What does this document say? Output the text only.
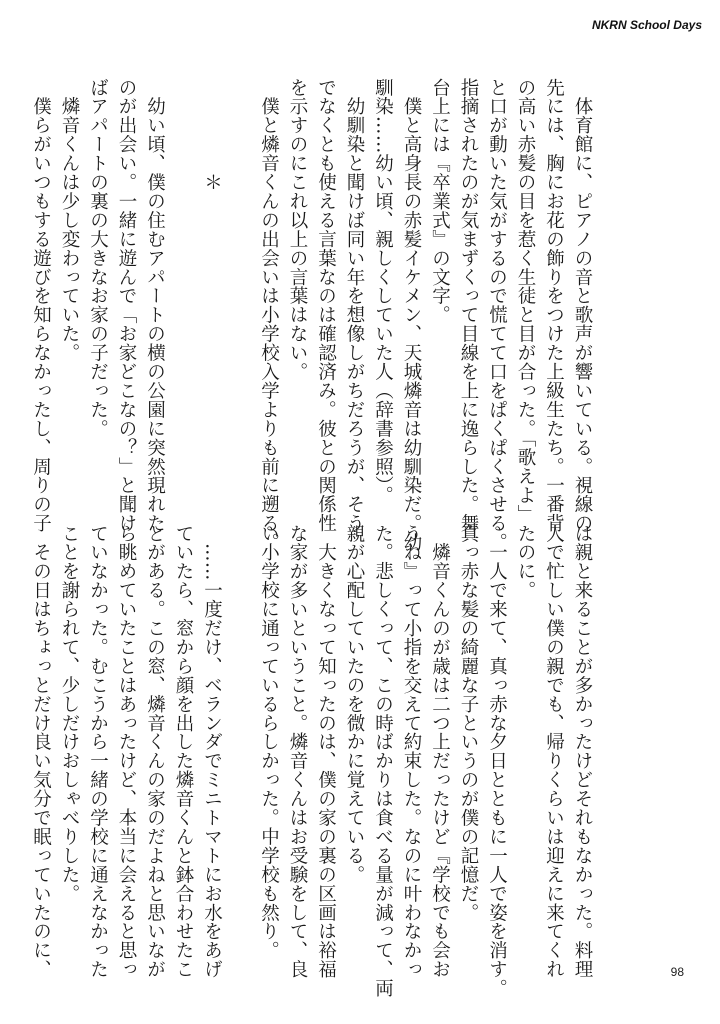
NKRN School Days
　体育館に、ピアノの音と歌声が響いている。視線の
先には、胸にお花の飾りをつけた上級生たち。一番背
の高い赤髪の目を惹く生徒と目が合った。「歌えよ」
と口が動いた気がするので慌てて口をぱくぱくさせる。
指摘されたのが気まずくって目線を上に逸らした。舞
台上には『卒業式』の文字。
　僕と高身長の赤髪イケメン、天城燐音は幼馴染だ。幼
馴染……幼い頃、親しくしていた人（辞書参照）。
　幼馴染と聞けば同い年を想像しがちだろうが、そう
でなくとも使える言葉なのは確認済み。彼との関係性
を示すのにこれ以上の言葉はない。
　僕と燐音くんの出会いは小学校入学よりも前に遡る。

　　　　　＊

　幼い頃、僕の住むアパートの横の公園に突然現れた
のが出会い。一緒に遊んで「お家どこなの？」と聞け
ばアパートの裏の大きなお家の子だった。
　燐音くんは少し変わっていた。
　僕らがいつもする遊びを知らなかったし、周りの子
は親と来ることが多かったけどそれもなかった。料理
人で忙しい僕の親でも、帰りくらいは迎えに来てくれ
たのに。
　一人で来て、真っ赤な夕日とともに一人で姿を消す。
真っ赤な髪の綺麗な子というのが僕の記憶だ。
　燐音くんのが歳は二つ上だったけど『学校でも会お
うね』って小指を交えて約束した。なのに叶わなかっ
た。悲しくって、この時ばかりは食べる量が減って、両
親が心配していたのを微かに覚えている。
　大きくなって知ったのは、僕の家の裏の区画は裕福
な家が多いということ。燐音くんはお受験をして、良
い小学校に通っているらしかった。中学校も然り。

　……一度だけ、ベランダでミニトマトにお水をあげ
ていたら、窓から顔を出した燐音くんと鉢合わせたこ
とがある。この窓、燐音くんの家のだよねと思いなが
ら眺めていたことはあったけど、本当に会えると思っ
ていなかった。むこうから一緒の学校に通えなかった
ことを謝られて、少しだけおしゃべりした。
　その日はちょっとだけ良い気分で眠っていたのに、	98
